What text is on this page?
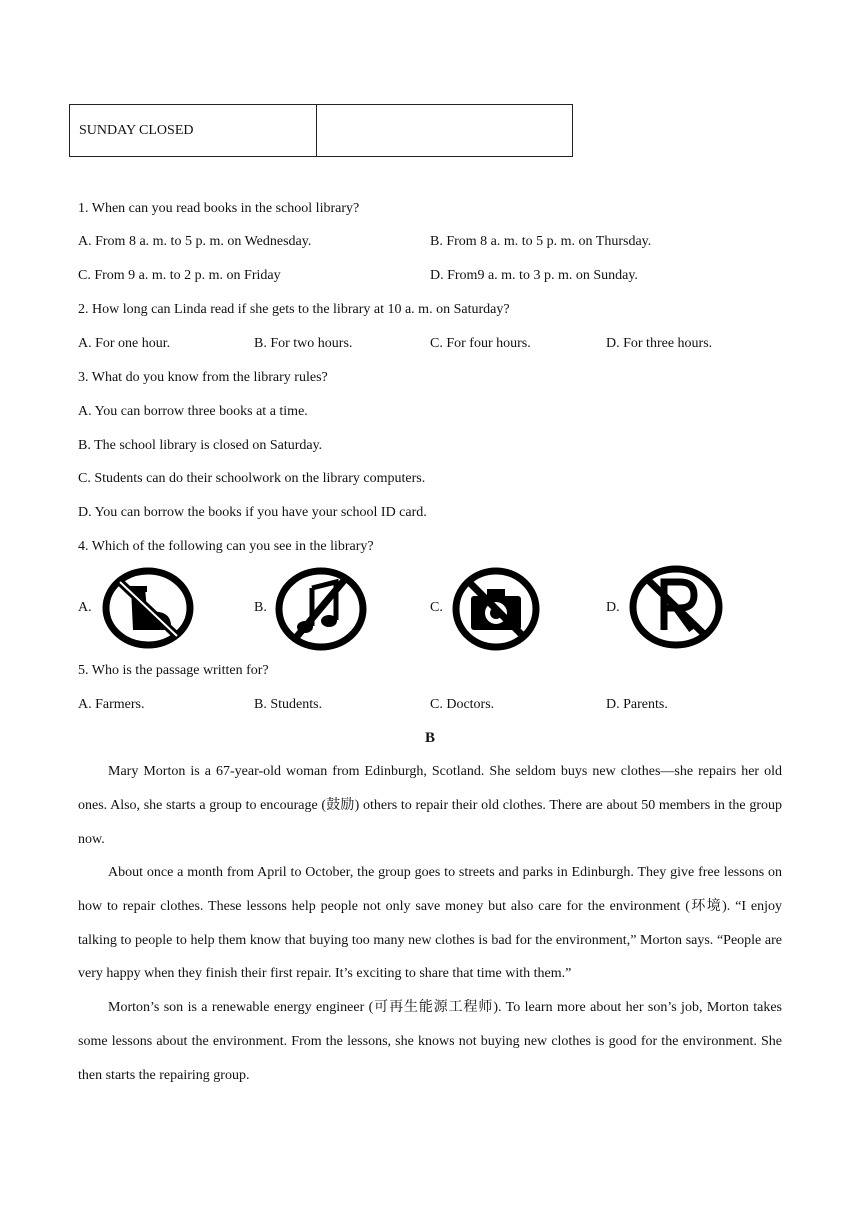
SUNDAY CLOSED	
1. When can you read books in the school library?
A. From 8 a. m. to 5 p. m. on Wednesday.	B. From 8 a. m. to 5 p. m. on Thursday.
C. From 9 a. m. to 2 p. m. on Friday	D. From9 a. m. to 3 p. m. on Sunday.
2. How long can Linda read if she gets to the library at 10 a. m. on Saturday?
A. For one hour.	B. For two hours.	C. For four hours.	D. For three hours.
3. What do you know from the library rules?
A. You can borrow three books at a time.
B. The school library is closed on Saturday.
C. Students can do their schoolwork on the library computers.
D. You can borrow the books if you have your school ID card.
4. Which of the following can you see in the library?
A.	B.	C.	D.
5. Who is the passage written for?
A. Farmers.	B. Students.	C. Doctors.	D. Parents.
B
Mary Morton is a 67-year-old woman from Edinburgh, Scotland. She seldom buys new clothes—she repairs her old ones. Also, she starts a group to encourage (鼓励) others to repair their old clothes. There are about 50 members in the group now.
About once a month from April to October, the group goes to streets and parks in Edinburgh. They give free lessons on how to repair clothes. These lessons help people not only save money but also care for the environment (环境). “I enjoy talking to people to help them know that buying too many new clothes is bad for the environment,” Morton says. “People are very happy when they finish their first repair. It’s exciting to share that time with them.”
Morton’s son is a renewable energy engineer (可再生能源工程师). To learn more about her son’s job, Morton takes some lessons about the environment. From the lessons, she knows not buying new clothes is good for the environment. She then starts the repairing group.
